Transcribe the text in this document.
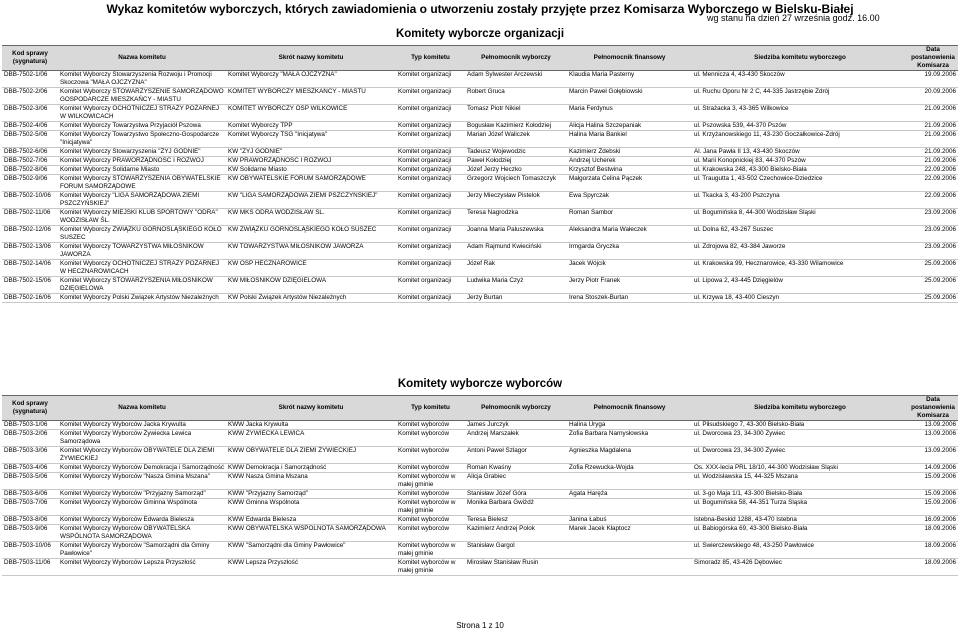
Wykaz komitetów wyborczych, których zawiadomienia o utworzeniu zostały przyjęte przez Komisarza Wyborczego w Bielsku-Białej
wg stanu na dzień 27 września godz. 16.00
Komitety wyborcze organizacji
Kod sprawy (sygnatura)	Nazwa komitetu	Skrót nazwy komitetu	Typ komitetu	Pełnomocnik wyborczy	Pełnomocnik finansowy	Siedziba komitetu wyborczego	Data postanowienia Komisarza
DBB-7502-1/06	Komitet Wyborczy Stowarzyszenia Rozwoju i Promocji Skoczowa "MAŁA OJCZYZNA"	Komitet Wyborczy "MAŁA OJCZYZNA"	Komitet organizacji	Adam Sylwester Arczewski	Klaudia Maria Pasterny	ul. Mennicza 4, 43-430 Skoczów	19.09.2006
DBB-7502-2/06	Komitet Wyborczy STOWARZYSZENIE SAMORZĄDOWO GOSPODARCZE MIESZKAŃCY - MIASTU	KOMITET WYBORCZY MIESZKAŃCY - MIASTU	Komitet organizacji	Robert Gruca	Marcin Paweł Gołębiowski	ul. Ruchu Oporu Nr 2 C, 44-335 Jastrzębie Zdrój	20.09.2006
DBB-7502-3/06	Komitet Wyborczy OCHOTNICZEJ STRAŻY POŻARNEJ W WILKOWICACH	KOMITET WYBORCZY OSP WILKOWICE	Komitet organizacji	Tomasz Piotr Nikiel	Maria Ferdynus	ul. Strażacka 3, 43-365 Wilkowice	21.09.2006
DBB-7502-4/06	Komitet Wyborczy Towarzystwa Przyjaciół Pszowa	Komitet Wyborczy TPP	Komitet organizacji	Bogusław Kazimierz Kołodziej	Alicja Halina Szczepaniak	ul. Pszowska 539, 44-370 Pszów	21.09.2006
DBB-7502-5/06	Komitet Wyborczy Towarzystwo Społeczno-Gospodarcze "Inicjatywa"	Komitet Wyborczy TSG "Inicjatywa"	Komitet organizacji	Marian Józef Waliczek	Halina Maria Bankiel	ul. Krzyżanowskiego 11, 43-230 Goczałkowice-Zdrój	21.09.2006
DBB-7502-6/06	Komitet Wyborczy Stowarzyszenia "ŻYJ GODNIE"	KW "ŻYJ GODNIE"	Komitet organizacji	Tadeusz Wojewodzic	Kazimierz Żdebski	Al. Jana Pawła II 13, 43-430 Skoczów	21.09.2006
DBB-7502-7/06	Komitet Wyborczy PRAWORZĄDNOŚĆ I ROZWÓJ	KW PRAWORZĄDNOŚĆ I ROZWÓJ	Komitet organizacji	Paweł Kołodziej	Andrzej Ucherek	ul. Marii Konopnickiej 83, 44-370 Pszów	21.09.2006
DBB-7502-8/06	Komitet Wyborczy Solidarne Miasto	KW Solidarne Miasto	Komitet organizacji	Józef Jerzy Heczko	Krzysztof Bestwina	ul. Krakowska 248, 43-300 Bielsko-Biała	22.09.2006
DBB-7502-9/06	Komitet Wyborczy STOWARZYSZENIA OBYWATELSKIE FORUM SAMORZĄDOWE	KW OBYWATELSKIE FORUM SAMORZĄDOWE	Komitet organizacji	Grzegorz Wojciech Tomaszczyk	Małgorzata Celina Pączek	ul. Traugutta 1, 43-502 Czechowice-Dziedzice	22.09.2006
DBB-7502-10/06	Komitet Wyborczy "LIGA SAMORZĄDOWA ZIEMI PSZCZYŃSKIEJ"	KW "LIGA SAMORZĄDOWA ZIEMI PSZCZYŃSKIEJ"	Komitet organizacji	Jerzy Mieczysław Pistelok	Ewa Spyrczak	ul. Tkacka 3, 43-200 Pszczyna	22.09.2006
DBB-7502-11/06	Komitet Wyborczy MIEJSKI KLUB SPORTOWY "ODRA" WODZISŁAW ŚL.	KW MKS ODRA WODZISŁAW ŚL.	Komitet organizacji	Teresa Nagrodzka	Roman Sambor	ul. Bogumińska 8, 44-300 Wodzisław Śląski	23.09.2006
DBB-7502-12/06	Komitet Wyborczy ZWIĄZKU GÓRNOŚLĄSKIEGO KOŁO SUSZEC	KW ZWIĄZKU GÓRNOŚLĄSKIEGO KOŁO SUSZEC	Komitet organizacji	Joanna Maria Paluszewska	Aleksandra Maria Wałeczek	ul. Dolna 62, 43-267 Suszec	23.09.2006
DBB-7502-13/06	Komitet Wyborczy TOWARZYSTWA MIŁOŚNIKÓW JAWORZA	KW TOWARZYSTWA MIŁOŚNIKÓW JAWORZA	Komitet organizacji	Adam Rajmund Kwieciński	Irmgarda Gryczka	ul. Zdrojowa 82, 43-384 Jaworze	23.09.2006
DBB-7502-14/06	Komitet Wyborczy OCHOTNICZEJ STRAŻY POŻARNEJ W HECZNAROWICACH	KW OSP HECZNAROWICE	Komitet organizacji	Józef Rak	Jacek Wójcik	ul. Krakowska 99, Hecznarowice, 43-330 Wilamowice	25.09.2006
DBB-7502-15/06	Komitet Wyborczy STOWARZYSZENIA MIŁOŚNIKÓW DZIĘGIELOWA	KW MIŁOŚNIKÓW DZIĘGIELOWA	Komitet organizacji	Ludwika Maria Czyż	Jerzy Piotr Franek	ul. Lipowa 2, 43-445 Dzięgielów	25.09.2006
DBB-7502-16/06	Komitet Wyborczy Polski Związek Artystów Niezależnych	KW Polski Związek Artystów Niezależnych	Komitet organizacji	Jerzy Burtan	Irena Stoszek-Burtan	ul. Krzywa 18, 43-400 Cieszyn	25.09.2006
Komitety wyborcze wyborców
Kod sprawy (sygnatura)	Nazwa komitetu	Skrót nazwy komitetu	Typ komitetu	Pełnomocnik wyborczy	Pełnomocnik finansowy	Siedziba komitetu wyborczego	Data postanowienia Komisarza
DBB-7503-1/06	Komitet Wyborczy Wyborców Jacka Krywulta	KWW Jacka Krywulta	Komitet wyborców	James Jurczyk	Halina Uryga	ul. Piłsudskiego 7, 43-300 Bielsko-Biała	13.09.2006
DBB-7503-2/06	Komitet Wyborczy Wyborców Żywiecka Lewica Samorządowa	KWW ŻYWIECKA LEWICA	Komitet wyborców	Andrzej Marszałek	Zofia Barbara Narnysłowska	ul. Dworcowa 23, 34-300 Żywiec	13.09.2006
DBB-7503-3/06	Komitet Wyborczy Wyborców OBYWATELE DLA ZIEMI ŻYWIECKIEJ	KWW OBYWATELE DLA ZIEMI ŻYWIECKIEJ	Komitet wyborców	Antoni Paweł Szlagor	Agnieszka Magdalena	ul. Dworcowa 23, 34-300 Żywiec	13.09.2006
DBB-7503-4/06	Komitet Wyborczy Wyborców Demokracja i Samorządność	KWW Demokracja i Samorządność	Komitet wyborców	Roman Kwaśny	Zofia Rzewucka-Wojda	Os. XXX-lecia PRL 18/10, 44-300 Wodzisław Śląski	14.09.2006
DBB-7503-5/06	Komitet Wyborczy Wyborców "Nasza Gmina Mszana"	KWW Nasza Gmina Mszana	Komitet wyborców w małej gminie	Alicja Grabiec		ul. Wodzisławska 15, 44-325 Mszana	15.09.2006
DBB-7503-6/06	Komitet Wyborczy Wyborców "Przyjazny Samorząd"	KWW "Przyjazny Samorząd"	Komitet wyborców	Stanisław Józef Góra	Agata Harężа	ul. 3-go Maja 1/1, 43-300 Bielsko-Biała	15.09.2006
DBB-7503-7/06	Komitet Wyborczy Wyborców Gminna Wspólnota	KWW Gminna Wspólnota	Komitet wyborców w małej gminie	Monika Barbara Gwiżdż		ul. Bogumińska 58, 44-351 Turza Śląska	15.09.2006
DBB-7503-8/06	Komitet Wyborczy Wyborców Edwarda Bielesza	KWW Edwarda Bielesza	Komitet wyborców	Teresa Bielesz	Janina Łabuś	Istebna-Beskid 1288, 43-470 Istebna	16.09.2006
DBB-7503-9/06	Komitet Wyborczy Wyborców OBYWATELSKA WSPÓLNOTA SAMORZĄDOWA	KWW OBYWATELSKA WSPÓLNOTA SAMORZĄDOWA	Komitet wyborców	Kazimierz Andrzej Polok	Marek Jacek Kłaptocz	ul. Babiogórska 69, 43-300 Bielsko-Biała	18.09.2006
DBB-7503-10/06	Komitet Wyborczy Wyborców "Samorządni dla Gminy Pawłowice"	KWW "Samorządni dla Gminy Pawłowice"	Komitet wyborców w małej gminie	Stanisław Gargol		ul. Swierczewskiego 48, 43-250 Pawłowice	18.09.2006
DBB-7503-11/06	Komitet Wyborczy Wyborców Lepsza Przyszłość	KWW Lepsza Przyszłość	Komitet wyborców w małej gminie	Mirosław Stanisław Rusin		Simoradz 85, 43-426 Dębowiec	18.09.2006
Strona 1 z 10
